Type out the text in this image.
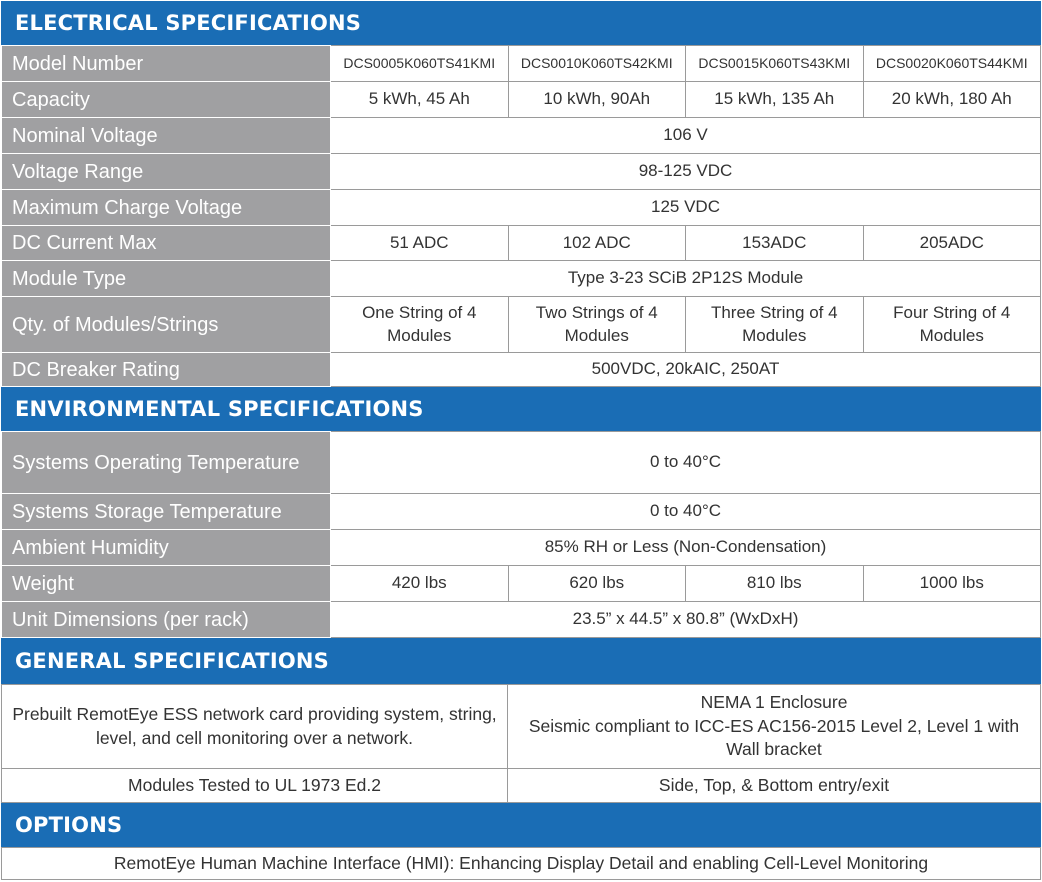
ELECTRICAL SPECIFICATIONS
Model Number	DCS0005K060TS41KMI	DCS0010K060TS42KMI	DCS0015K060TS43KMI	DCS0020K060TS44KMI
Capacity	5 kWh, 45 Ah	10 kWh, 90Ah	15 kWh, 135 Ah	20 kWh, 180 Ah
Nominal Voltage	106 V			
Voltage Range	98-125 VDC			
Maximum Charge Voltage	125 VDC			
DC Current Max	51 ADC	102 ADC	153ADC	205ADC
Module Type	Type 3-23 SCiB 2P12S Module			
Qty. of Modules/Strings	One String of 4 Modules	Two Strings of 4 Modules	Three String of 4 Modules	Four String of 4 Modules
DC Breaker Rating	500VDC, 20kAIC, 250AT			
ENVIRONMENTAL SPECIFICATIONS
Systems Operating Temperature	0 to 40°C			
Systems Storage Temperature	0 to 40°C			
Ambient Humidity	85% RH or Less (Non-Condensation)			
Weight	420 lbs	620 lbs	810 lbs	1000 lbs
Unit Dimensions (per rack)	23.5” x 44.5” x 80.8” (WxDxH)			
GENERAL SPECIFICATIONS
Prebuilt RemotEye ESS network card providing system, string, level, and cell monitoring over a network.	NEMA 1 Enclosure
Seismic compliant to ICC-ES AC156-2015 Level 2, Level 1 with Wall bracket

Modules Tested to UL 1973 Ed.2	Side, Top, & Bottom entry/exit
OPTIONS
RemotEye Human Machine Interface (HMI): Enhancing Display Detail and enabling Cell-Level Monitoring
